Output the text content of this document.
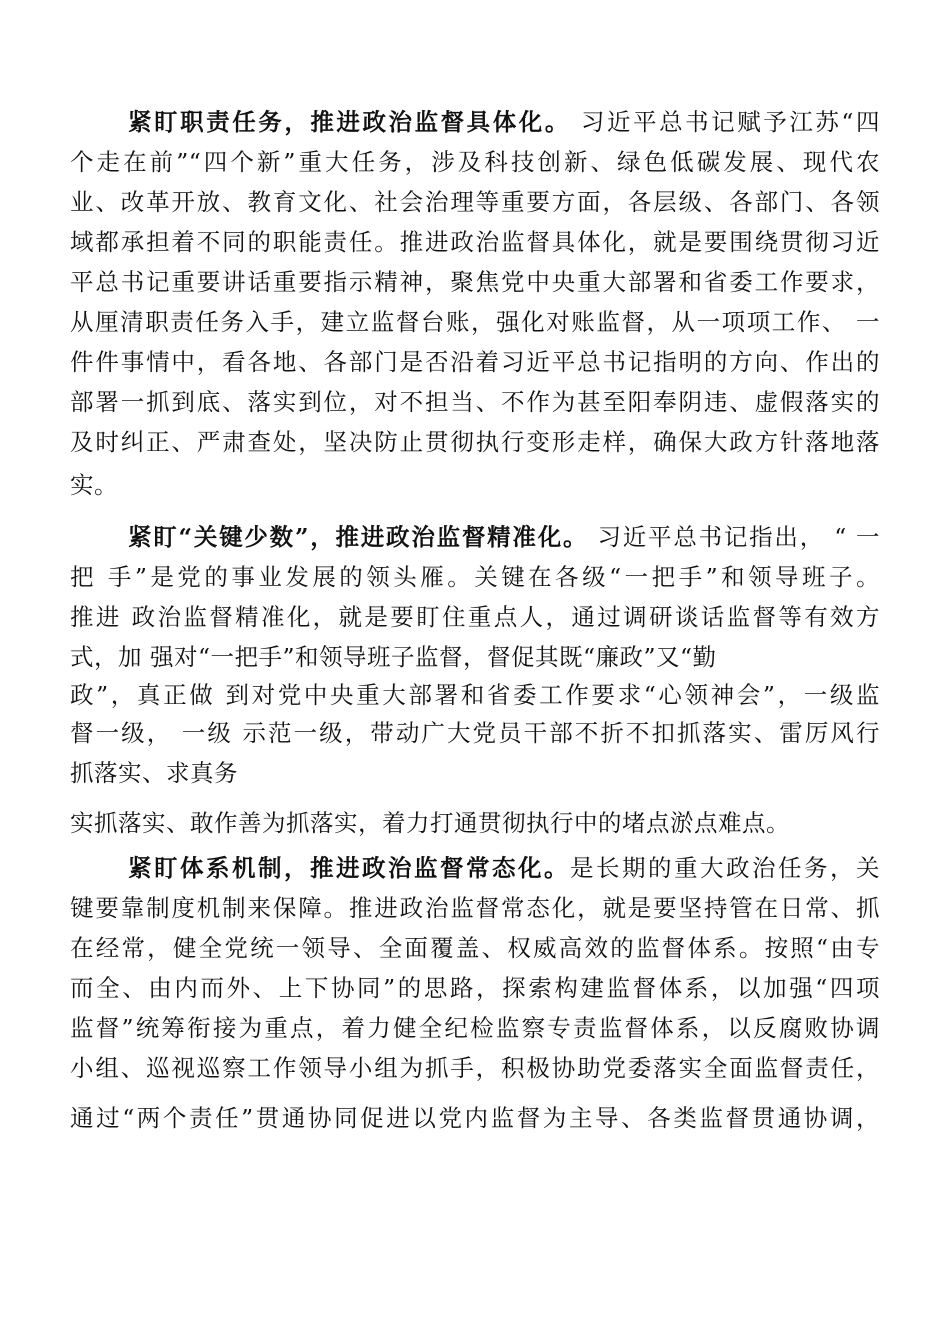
紧盯职责任务，推进政治监督具体化。 习近平总书记赋予江苏“四
个走在前”“四个新”重大任务，涉及科技创新、绿色低碳发展、现代农
业、改革开放、教育文化、社会治理等重要方面，各层级、各部门、各领
域都承担着不同的职能责任。推进政治监督具体化，就是要围绕贯彻习近
平总书记重要讲话重要指示精神，聚焦党中央重大部署和省委工作要求，
从厘清职责任务入手，建立监督台账，强化对账监督，从一项项工作、 一
件件事情中，看各地、各部门是否沿着习近平总书记指明的方向、作出的
部署一抓到底、落实到位，对不担当、不作为甚至阳奉阴违、虚假落实的
及时纠正、严肃查处，坚决防止贯彻执行变形走样，确保大政方针落地落
实。
紧盯“关键少数”，推进政治监督精准化。 习近平总书记指出， “ 一
把 手”是党的事业发展的领头雁。关键在各级“一把手”和领导班子。
推进 政治监督精准化，就是要盯住重点人，通过调研谈话监督等有效方
式，加 强对“一把手”和领导班子监督，督促其既“廉政”又“勤
政”，真正做 到对党中央重大部署和省委工作要求“心领神会”，一级监
督一级， 一级 示范一级，带动广大党员干部不折不扣抓落实、雷厉风行
抓落实、求真务
实抓落实、敢作善为抓落实，着力打通贯彻执行中的堵点淤点难点。
紧盯体系机制，推进政治监督常态化。是长期的重大政治任务，关
键要靠制度机制来保障。推进政治监督常态化，就是要坚持管在日常、抓
在经常，健全党统一领导、全面覆盖、权威高效的监督体系。按照“由专
而全、由内而外、上下协同”的思路，探索构建监督体系，以加强“四项
监督”统筹衔接为重点，着力健全纪检监察专责监督体系，以反腐败协调
小组、巡视巡察工作领导小组为抓手，积极协助党委落实全面监督责任，
通过“两个责任”贯通协同促进以党内监督为主导、各类监督贯通协调，
